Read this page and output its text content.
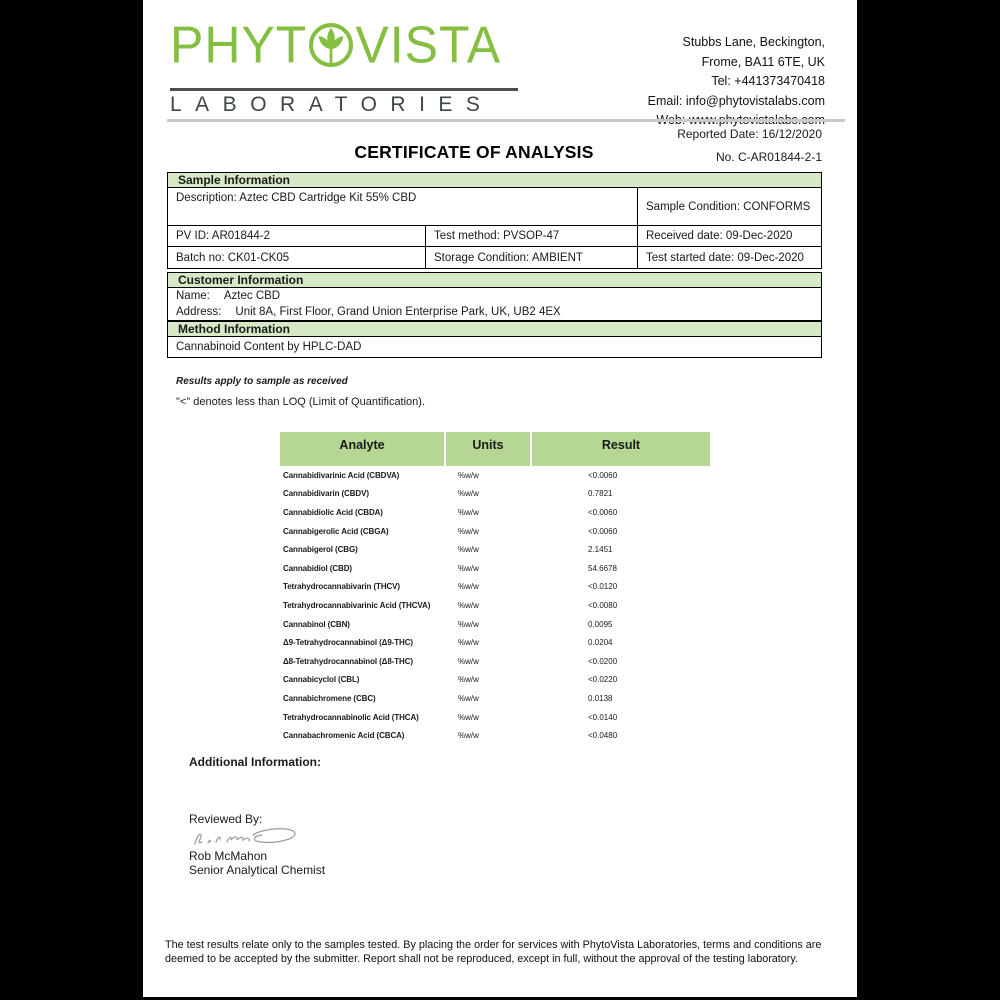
PHYT VISTA
LABORATORIES
Stubbs Lane, Beckington,
Frome, BA11 6TE, UK
Tel: +441373470418
Email: info@phytovistalabs.com
Reported Date: 16/12/2020
CERTIFICATE OF ANALYSIS	No. C-AR01844-2-1
Sample Information
Description: Aztec CBD Cartridge Kit 55% CBD
Sample Condition: CONFORMS
PV ID: AR01844-2	Test method: PVSOP-47	Received date: 09-Dec-2020
Batch no: CK01-CK05	Storage Condition: AMBIENT	Test started date: 09-Dec-2020
Customer Information
Name: Aztec CBD
Address: Unit 8A, First Floor, Grand Union Enterprise Park, UK, UB2 4EX
Method Information
Cannabinoid Content by HPLC-DAD
Results apply to sample as received
"<" denotes less than LOQ (Limit of Quantification).
Analyte	Units	Result
Cannabidivarinic Acid (CBDVA)	%w/w	<0.0060
Cannabidivarin (CBDV)	%w/w	0.7821
Cannabidiolic Acid (CBDA)	%w/w	<0.0060
Cannabigerolic Acid (CBGA)	%w/w	<0.0060
Cannabigerol (CBG)	%w/w	2.1451
Cannabidiol (CBD)	%w/w	54.6678
Tetrahydrocannabivarin (THCV)	%w/w	<0.0120
Tetrahydrocannabivarinic Acid (THCVA)	%w/w	<0.0080
Cannabinol (CBN)	%w/w	0.0095
Δ9-Tetrahydrocannabinol (Δ9-THC)	%w/w	0.0204
Δ8-Tetrahydrocannabinol (Δ8-THC)	%w/w	<0.0200
Cannabicyclol (CBL)	%w/w	<0.0220
Cannabichromene (CBC)	%w/w	0.0138
Tetrahydrocannabinolic Acid (THCA)	%w/w	<0.0140
Cannabachromenic Acid (CBCA)	%w/w	<0.0480
Additional Information:
Reviewed By:
Rob McMahon
Senior Analytical Chemist
The test results relate only to the samples tested. By placing the order for services with PhytoVista Laboratories, terms and conditions are
deemed to be accepted by the submitter. Report shall not be reproduced, except in full, without the approval of the testing laboratory.
